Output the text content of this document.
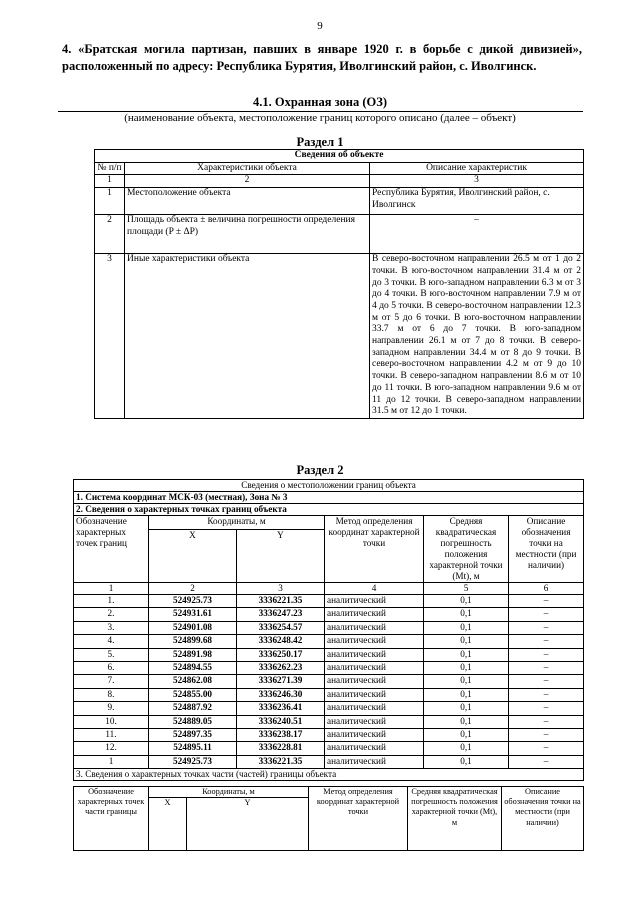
9
4. «Братская могила партизан, павших в январе 1920 г. в борьбе с дикой дивизией», расположенный по адресу: Республика Бурятия, Иволгинский район, с. Иволгинск.
4.1. Охранная зона (ОЗ)
(наименование объекта, местоположение границ которого описано (далее – объект)
Раздел 1
Сведения об объекте		
№ п/п	Характеристики объекта	Описание характеристик
1	2	3
1	Местоположение объекта	Республика Бурятия, Иволгинский район, с. Иволгинск
2	Площадь объекта ± величина погрешности определения площади (P ± ΔP)	–
3	Иные характеристики объекта	В северо-восточном направлении 26.5 м от 1 до 2 точки. В юго-восточном направлении 31.4 м от 2 до 3 точки. В юго-западном направлении 6.3 м от 3 до 4 точки. В юго-восточном направлении 7.9 м от 4 до 5 точки. В северо-восточном направлении 12.3 м от 5 до 6 точки. В юго-восточном направлении 33.7 м от 6 до 7 точки. В юго-западном направлении 26.1 м от 7 до 8 точки. В северо-западном направлении 34.4 м от 8 до 9 точки. В северо-восточном направлении 4.2 м от 9 до 10 точки. В северо-западном направлении 8.6 м от 10 до 11 точки. В юго-западном направлении 9.6 м от 11 до 12 точки. В северо-западном направлении 31.5 м от 12 до 1 точки.
Раздел 2
Сведения о местоположении границ объекта					
1. Система координат МСК-03 (местная), Зона № 3					
2. Сведения о характерных точках границ объекта					
Обозначение характерных точек границ	Координаты, м		Метод определения координат характерной точки	Средняя квадратическая погрешность положения характерной точки (Мt), м	Описание обозначения точки на местности (при наличии)
	X	Y			
1	2	3	4	5	6
1.	524925.73	3336221.35	аналитический	0,1	–
2.	524931.61	3336247.23	аналитический	0,1	–
3.	524901.08	3336254.57	аналитический	0,1	–
4.	524899.68	3336248.42	аналитический	0,1	–
5.	524891.98	3336250.17	аналитический	0,1	–
6.	524894.55	3336262.23	аналитический	0,1	–
7.	524862.08	3336271.39	аналитический	0,1	–
8.	524855.00	3336246.30	аналитический	0,1	–
9.	524887.92	3336236.41	аналитический	0,1	–
10.	524889.05	3336240.51	аналитический	0,1	–
11.	524897.35	3336238.17	аналитический	0,1	–
12.	524895.11	3336228.81	аналитический	0,1	–
1	524925.73	3336221.35	аналитический	0,1	–
3. Сведения о характерных точках части (частей) границы объекта					
Обозначение характерных точек части границы	Координаты, м		Метод определения координат характерной точки	Средняя квадратическая погрешность положения характерной точки (Мt), м	Описание обозначения точки на местности (при наличии)
	X	Y			
